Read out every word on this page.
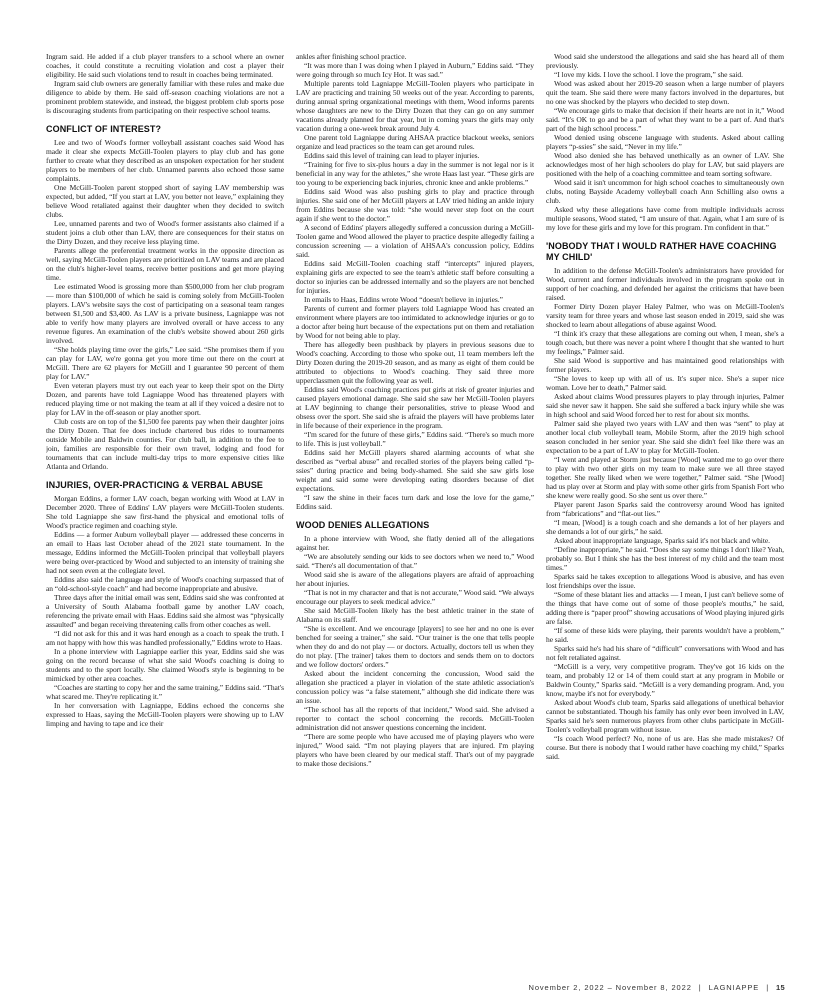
Ingram said. He added if a club player transfers to a school where an owner coaches, it could constitute a recruiting violation and cost a player their eligibility. He said such violations tend to result in coaches being terminated.

Ingram said club owners are generally familiar with these rules and make due diligence to abide by them. He said off-season coaching violations are not a prominent problem statewide, and instead, the biggest problem club sports pose is discouraging students from participating on their respective school teams.

CONFLICT OF INTEREST?

Lee and two of Wood's former volleyball assistant coaches said Wood has made it clear she expects McGill-Toolen players to play club and has gone further to create what they described as an unspoken expectation for her student players to be members of her club. Unnamed parents also echoed those same complaints.

One McGill-Toolen parent stopped short of saying LAV membership was expected, but added, “If you start at LAV, you better not leave,” explaining they believe Wood retaliated against their daughter when they decided to switch clubs.

Lee, unnamed parents and two of Wood's former assistants also claimed if a student joins a club other than LAV, there are consequences for their status on the Dirty Dozen, and they receive less playing time.

Parents allege the preferential treatment works in the opposite direction as well, saying McGill-Toolen players are prioritized on LAV teams and are placed on the club's higher-level teams, receive better positions and get more playing time.

Lee estimated Wood is grossing more than $500,000 from her club program — more than $100,000 of which he said is coming solely from McGill-Toolen players. LAV's website says the cost of participating on a seasonal team ranges between $1,500 and $3,400. As LAV is a private business, Lagniappe was not able to verify how many players are involved overall or have access to any revenue figures. An examination of the club's website showed about 260 girls involved.

“She holds playing time over the girls,” Lee said. “She promises them if you can play for LAV, we're gonna get you more time out there on the court at McGill. There are 62 players for McGill and I guarantee 90 percent of them play for LAV.”

Even veteran players must try out each year to keep their spot on the Dirty Dozen, and parents have told Lagniappe Wood has threatened players with reduced playing time or not making the team at all if they voiced a desire not to play for LAV in the off-season or play another sport.

Club costs are on top of the $1,500 fee parents pay when their daughter joins the Dirty Dozen. That fee does include chartered bus rides to tournaments outside Mobile and Baldwin counties. For club ball, in addition to the fee to join, families are responsible for their own travel, lodging and food for tournaments that can include multi-day trips to more expensive cities like Atlanta and Orlando.

INJURIES, OVER-PRACTICING & VERBAL ABUSE

Morgan Eddins, a former LAV coach, began working with Wood at LAV in December 2020. Three of Eddins' LAV players were McGill-Toolen students. She told Lagniappe she saw first-hand the physical and emotional tolls of Wood's practice regimen and coaching style.

Eddins — a former Auburn volleyball player — addressed these concerns in an email to Haas last October ahead of the 2021 state tournament. In the message, Eddins informed the McGill-Toolen principal that volleyball players were being over-practiced by Wood and subjected to an intensity of training she had not seen even at the collegiate level.

Eddins also said the language and style of Wood's coaching surpassed that of an “old-school-style coach” and had become inappropriate and abusive.

Three days after the initial email was sent, Eddins said she was confronted at a University of South Alabama football game by another LAV coach, referencing the private email with Haas. Eddins said she almost was “physically assaulted” and began receiving threatening calls from other coaches as well.

“I did not ask for this and it was hard enough as a coach to speak the truth. I am not happy with how this was handled professionally,” Eddins wrote to Haas.

In a phone interview with Lagniappe earlier this year, Eddins said she was going on the record because of what she said Wood's coaching is doing to students and to the sport locally. She claimed Wood's style is beginning to be mimicked by other area coaches.

“Coaches are starting to copy her and the same training,” Eddins said. “That's what scared me. They're replicating it.”

In her conversation with Lagniappe, Eddins echoed the concerns she expressed to Haas, saying the McGill-Toolen players were showing up to LAV limping and having to tape and ice their

ankles after finishing school practice.

“It was more than I was doing when I played in Auburn,” Eddins said. “They were going through so much Icy Hot. It was sad.”

Multiple parents told Lagniappe McGill-Toolen players who participate in LAV are practicing and training 50 weeks out of the year. According to parents, during annual spring organizational meetings with them, Wood informs parents whose daughters are new to the Dirty Dozen that they can go on any summer vacations already planned for that year, but in coming years the girls may only vacation during a one-week break around July 4.

One parent told Lagniappe during AHSAA practice blackout weeks, seniors organize and lead practices so the team can get around rules.

Eddins said this level of training can lead to player injuries.

“Training for five to six-plus hours a day in the summer is not legal nor is it beneficial in any way for the athletes,” she wrote Haas last year. “These girls are too young to be experiencing back injuries, chronic knee and ankle problems.”

Eddins said Wood was also pushing girls to play and practice through injuries. She said one of her McGill players at LAV tried hiding an ankle injury from Eddins because she was told: “she would never step foot on the court again if she went to the doctor.”

A second of Eddins' players allegedly suffered a concussion during a McGill-Toolen game and Wood allowed the player to practice despite allegedly failing a concussion screening — a violation of AHSAA's concussion policy, Eddins said.

Eddins said McGill-Toolen coaching staff “intercepts” injured players, explaining girls are expected to see the team's athletic staff before consulting a doctor so injuries can be addressed internally and so the players are not benched for injuries.

In emails to Haas, Eddins wrote Wood “doesn't believe in injuries.”

Parents of current and former players told Lagniappe Wood has created an environment where players are too intimidated to acknowledge injuries or go to a doctor after being hurt because of the expectations put on them and retaliation by Wood for not being able to play.

There has allegedly been pushback by players in previous seasons due to Wood's coaching. According to those who spoke out, 11 team members left the Dirty Dozen during the 2019-20 season, and as many as eight of them could be attributed to objections to Wood's coaching. They said three more upperclassmen quit the following year as well.

Eddins said Wood's coaching practices put girls at risk of greater injuries and caused players emotional damage. She said she saw her McGill-Toolen players at LAV beginning to change their personalities, strive to please Wood and obsess over the sport. She said she is afraid the players will have problems later in life because of their experience in the program.

“I'm scared for the future of these girls,” Eddins said. “There's so much more to life. This is just volleyball.”

Eddins said her McGill players shared alarming accounts of what she described as “verbal abuse” and recalled stories of the players being called “p-ssies” during practice and being body-shamed. She said she saw girls lose weight and said some were developing eating disorders because of diet expectations.

“I saw the shine in their faces turn dark and lose the love for the game,” Eddins said.

WOOD DENIES ALLEGATIONS

In a phone interview with Wood, she flatly denied all of the allegations against her.

“We are absolutely sending our kids to see doctors when we need to,” Wood said. “There's all documentation of that.”

Wood said she is aware of the allegations players are afraid of approaching her about injuries.

“That is not in my character and that is not accurate,” Wood said. “We always encourage our players to seek medical advice.”

She said McGill-Toolen likely has the best athletic trainer in the state of Alabama on its staff.

“She is excellent. And we encourage [players] to see her and no one is ever benched for seeing a trainer,” she said. “Our trainer is the one that tells people when they do and do not play — or doctors. Actually, doctors tell us when they do not play. [The trainer] takes them to doctors and sends them on to doctors and we follow doctors' orders.”

Asked about the incident concerning the concussion, Wood said the allegation she practiced a player in violation of the state athletic association's concussion policy was “a false statement,” although she did indicate there was an issue.

“The school has all the reports of that incident,” Wood said. She advised a reporter to contact the school concerning the records. McGill-Toolen administration did not answer questions concerning the incident.

“There are some people who have accused me of playing players who were injured,” Wood said. “I'm not playing players that are injured. I'm playing players who have been cleared by our medical staff. That's out of my paygrade to make those decisions.”

Wood said she understood the allegations and said she has heard all of them previously.

“I love my kids. I love the school. I love the program,” she said.

Wood was asked about her 2019-20 season when a large number of players quit the team. She said there were many factors involved in the departures, but no one was shocked by the players who decided to step down.

“We encourage girls to make that decision if their hearts are not in it,” Wood said. “It's OK to go and be a part of what they want to be a part of. And that's part of the high school process.”

Wood denied using obscene language with students. Asked about calling players “p-ssies” she said, “Never in my life.”

Wood also denied she has behaved unethically as an owner of LAV. She acknowledges most of her high schoolers do play for LAV, but said players are positioned with the help of a coaching committee and team sorting software.

Wood said it isn't uncommon for high school coaches to simultaneously own clubs, noting Bayside Academy volleyball coach Ann Schilling also owns a club.

Asked why these allegations have come from multiple individuals across multiple seasons, Wood stated, “I am unsure of that. Again, what I am sure of is my love for these girls and my love for this program. I'm confident in that.”

'NOBODY THAT I WOULD RATHER HAVE COACHING MY CHILD'

In addition to the defense McGill-Toolen's administrators have provided for Wood, current and former individuals involved in the program spoke out in support of her coaching, and defended her against the criticisms that have been raised.

Former Dirty Dozen player Haley Palmer, who was on McGill-Toolen's varsity team for three years and whose last season ended in 2019, said she was shocked to learn about allegations of abuse against Wood.

“I think it's crazy that these allegations are coming out when, I mean, she's a tough coach, but there was never a point where I thought that she wanted to hurt my feelings,” Palmer said.

She said Wood is supportive and has maintained good relationships with former players.

“She loves to keep up with all of us. It's super nice. She's a super nice woman. Love her to death,” Palmer said.

Asked about claims Wood pressures players to play through injuries, Palmer said she never saw it happen. She said she suffered a back injury while she was in high school and said Wood forced her to rest for about six months.

Palmer said she played two years with LAV and then was “sent” to play at another local club volleyball team, Mobile Storm, after the 2019 high school season concluded in her senior year. She said she didn't feel like there was an expectation to be a part of LAV to play for McGill-Toolen.

“I went and played at Storm just because [Wood] wanted me to go over there to play with two other girls on my team to make sure we all three stayed together. She really liked when we were together,” Palmer said. “She [Wood] had us play over at Storm and play with some other girls from Spanish Fort who she knew were really good. So she sent us over there.”

Player parent Jason Sparks said the controversy around Wood has ignited from “fabrications” and “flat-out lies.”

“I mean, [Wood] is a tough coach and she demands a lot of her players and she demands a lot of our girls,” he said.

Asked about inappropriate language, Sparks said it's not black and white.

“Define inappropriate,” he said. “Does she say some things I don't like? Yeah, probably so. But I think she has the best interest of my child and the team most times.”

Sparks said he takes exception to allegations Wood is abusive, and has even lost friendships over the issue.

“Some of these blatant lies and attacks — I mean, I just can't believe some of the things that have come out of some of those people's mouths,” he said, adding there is “paper proof” showing accusations of Wood playing injured girls are false.

“If some of these kids were playing, their parents wouldn't have a problem,” he said.

Sparks said he's had his share of “difficult” conversations with Wood and has not felt retaliated against.

“McGill is a very, very competitive program. They've got 16 kids on the team, and probably 12 or 14 of them could start at any program in Mobile or Baldwin County,” Sparks said. “McGill is a very demanding program. And, you know, maybe it's not for everybody.”

Asked about Wood's club team, Sparks said allegations of unethical behavior cannot be substantiated. Though his family has only ever been involved in LAV, Sparks said he's seen numerous players from other clubs participate in McGill-Toolen's volleyball program without issue.

“Is coach Wood perfect? No, none of us are. Has she made mistakes? Of course. But there is nobody that I would rather have coaching my child,” Sparks said.

November 2, 2022 – November 8, 2022 | LAGNIAPPE | 15
